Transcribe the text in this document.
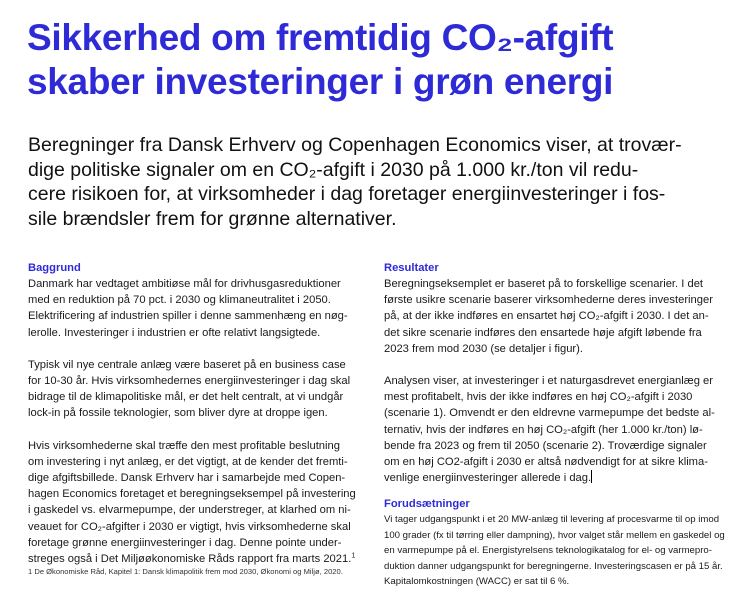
Sikkerhed om fremtidig CO₂-afgift
skaber investeringer i grøn energi

Beregninger fra Dansk Erhverv og Copenhagen Economics viser, at trovær-
dige politiske signaler om en CO₂-afgift i 2030 på 1.000 kr./ton vil redu-
cere risikoen for, at virksomheder i dag foretager energiinvesteringer i fos-
sile brændsler frem for grønne alternativer.

Baggrund
Danmark har vedtaget ambitiøse mål for drivhusgasreduktioner
med en reduktion på 70 pct. i 2030 og klimaneutralitet i 2050.
Elektrificering af industrien spiller i denne sammenhæng en nøg-
lerolle. Investeringer i industrien er ofte relativt langsigtede.
Typisk vil nye centrale anlæg være baseret på en business case
for 10-30 år. Hvis virksomhedernes energiinvesteringer i dag skal
bidrage til de klimapolitiske mål, er det helt centralt, at vi undgår
lock-in på fossile teknologier, som bliver dyre at droppe igen.
Hvis virksomhederne skal træffe den mest profitable beslutning
om investering i nyt anlæg, er det vigtigt, at de kender det fremti-
dige afgiftsbillede. Dansk Erhverv har i samarbejde med Copen-
hagen Economics foretaget et beregningseksempel på investering
i gaskedel vs. elvarmepumpe, der understreger, at klarhed om ni-
veauet for CO₂-afgifter i 2030 er vigtigt, hvis virksomhederne skal
foretage grønne energiinvesteringer i dag. Denne pointe under-
streges også i Det Miljøøkonomiske Råds rapport fra marts 2021.$^1$
Resultater
Beregningseksemplet er baseret på to forskellige scenarier. I det
første usikre scenarie baserer virksomhederne deres investeringer
på, at der ikke indføres en ensartet høj CO₂-afgift i 2030. I det an-
det sikre scenarie indføres den ensartede høje afgift løbende fra
2023 frem mod 2030 (se detaljer i figur).
Analysen viser, at investeringer i et naturgasdrevet energianlæg er
mest profitabelt, hvis der ikke indføres en høj CO₂-afgift i 2030
(scenarie 1). Omvendt er den eldrevne varmepumpe det bedste al-
ternativ, hvis der indføres en høj CO₂-afgift (her 1.000 kr./ton) lø-
bende fra 2023 og frem til 2050 (scenarie 2). Troværdige signaler
om en høj CO2-afgift i 2030 er altså nødvendigt for at sikre klima-
venlige energiinvesteringer allerede i dag.
Forudsætninger
Vi tager udgangspunkt i et 20 MW-anlæg til levering af procesvarme til op imod
100 grader (fx til tørring eller dampning), hvor valget står mellem en gaskedel og
en varmepumpe på el. Energistyrelsens teknologikatalog for el- og varmepro-
duktion danner udgangspunkt for beregningerne. Investeringscasen er på 15 år.
Kapitalomkostningen (WACC) er sat til 6 %.
1 De Økonomiske Råd, Kapitel 1: Dansk klimapolitik frem mod 2030, Økonomi og Miljø, 2020.
